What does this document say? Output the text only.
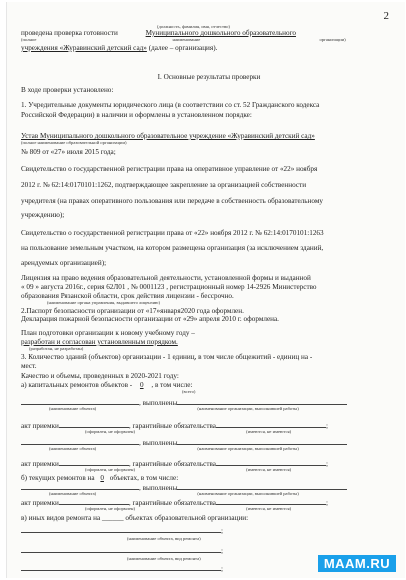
2
(должность, фамилия, имя, отчество)
проведена проверка готовности	Муниципального дошкольного образовательного
(полное	наименование	организации)
учреждения «Журавинский детский сад» (далее – организация).
I. Основные результаты проверки
В ходе проверки установлено:
1. Учредительные документы юридического лица (в соответствии со ст. 52 Гражданского кодекса
Российской Федерации) в наличии и оформлены в установленном порядке:
Устав Муниципального дошкольного образовательное учреждение «Журавинский детский сад»
(полное наименование образовательной организации)
№ 809 от «27» июля 2015 года;
Свидетельство о государственной регистрации права на оперативное управление от «22» ноября
2012 г. № 62:14:0170101:1262, подтверждающее закрепление за организацией собственности
учредителя (на правах оперативного пользования или передаче в собственность образовательному
учреждению);
Свидетельство о государственной регистрации права от «22» ноября 2012 г. № 62:14:0170101:1263
на пользование земельным участком, на котором размещена организация (за исключением зданий,
арендуемых организацией);
Лицензия на право ведения образовательной деятельности, установленной формы и выданной
« 09 » августа 2016г., серия 62Л01 , № 0001123 , регистрационный номер 14-2926 Министерство
образования Рязанской области, срок действия лицензии - бессрочно.
(наименование органа управления, выдавшего лицензию)
2.Паспорт безопасности организации от «17»января2020 года оформлен.
Декларация пожарной безопасности организации от «29» апреля 2010 г. оформлена.
План подготовки организации к новому учебному году –
разработан и согласован установленным порядком.
(разработан, не разработан)
3. Количество зданий (объектов) организации - 1 единиц, в том числе общежитий - единиц на -
мест.
Качество и объемы, проведенных в 2020-2021 году:
а) капитальных ремонтов объектов - 0 , в том числе:
(всего)
, выполнены
(наименование объекта)	(наименование организации, выполнившей работы)
акт приемки	, гарантийные обязательства	;
(оформлен, не оформлен)	(имеются, не имеются)
, выполнены
(наименование объекта)	(наименование организации, выполнившей работы)
акт приемки	, гарантийные обязательства	;
(оформлен, не оформлен)	(имеются, не имеются)
б) текущих ремонтов на 0 объектах, в том числе:
, выполнены
(наименование объекта)	(наименование организации, выполнившей работы)
акт приемки	, гарантийные обязательства	;
(оформлен, не оформлен)	(имеются, не имеются)
в) иных видов ремонта на ______ объектах образовательной организации:
;
(наименование объекта, вид ремонта)
;
(наименование объекта, вид ремонта)
;	MAAM.RU
